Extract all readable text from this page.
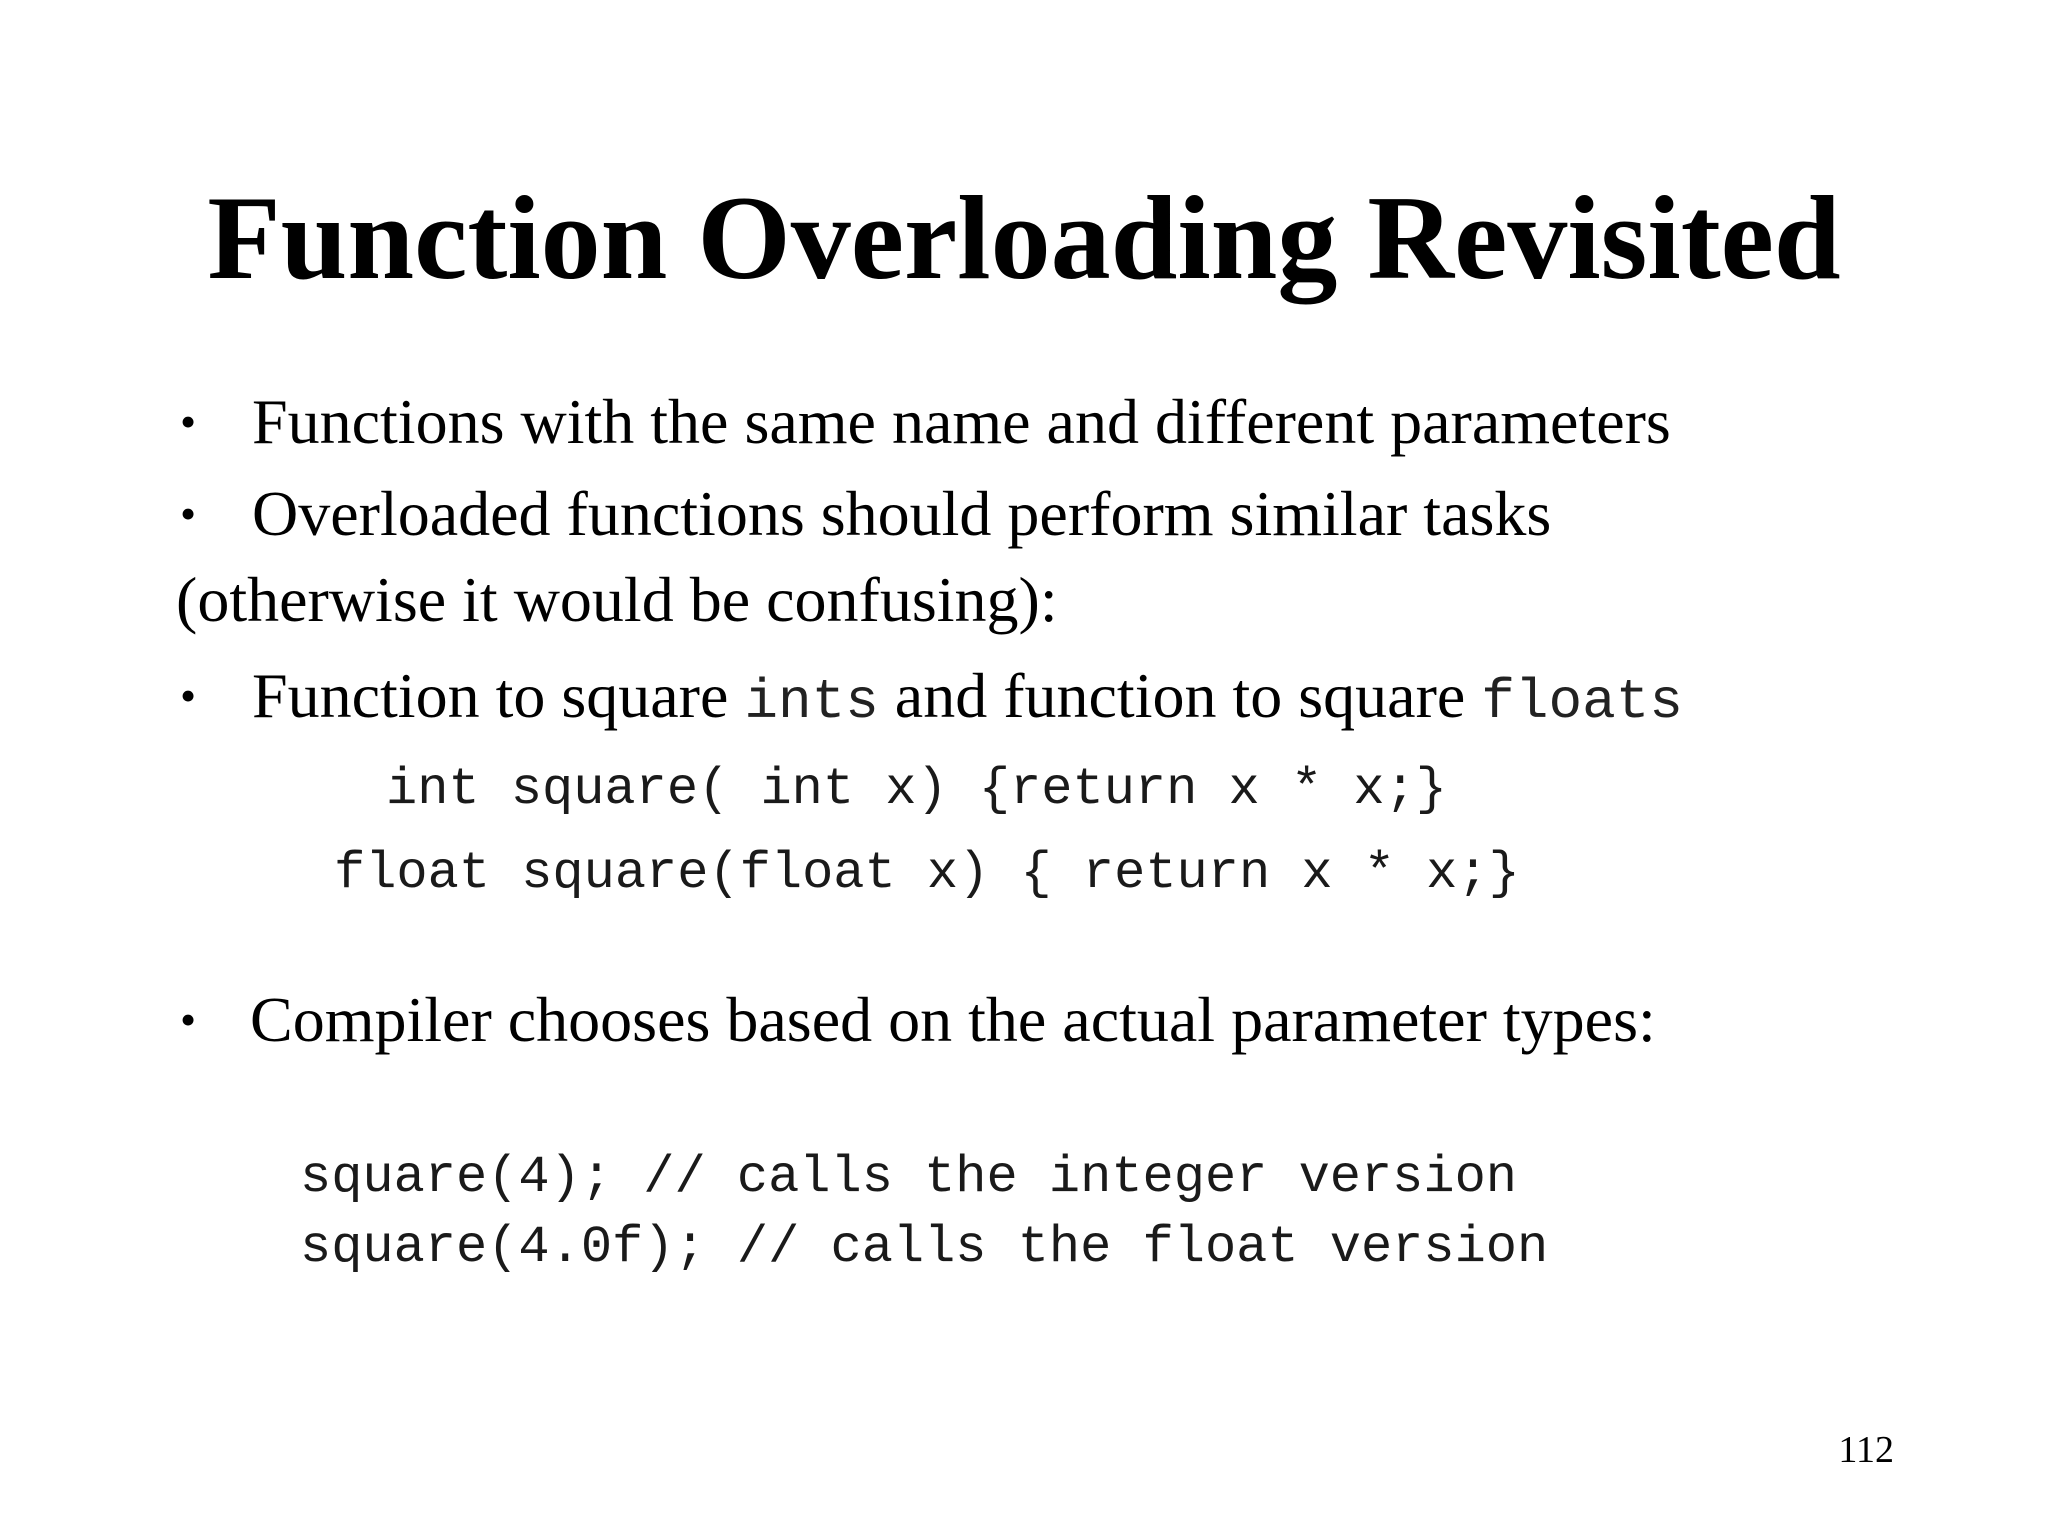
Function Overloading Revisited
• Functions with the same name and different parameters
• Overloaded functions should perform similar tasks
(otherwise it would be confusing):
• Function to square ints and function to square floats
int square( int x) {return x * x;}
float square(float x) { return x * x;}
• Compiler chooses based on the actual parameter types:
square(4); // calls the integer version
square(4.0f); // calls the float version
112
